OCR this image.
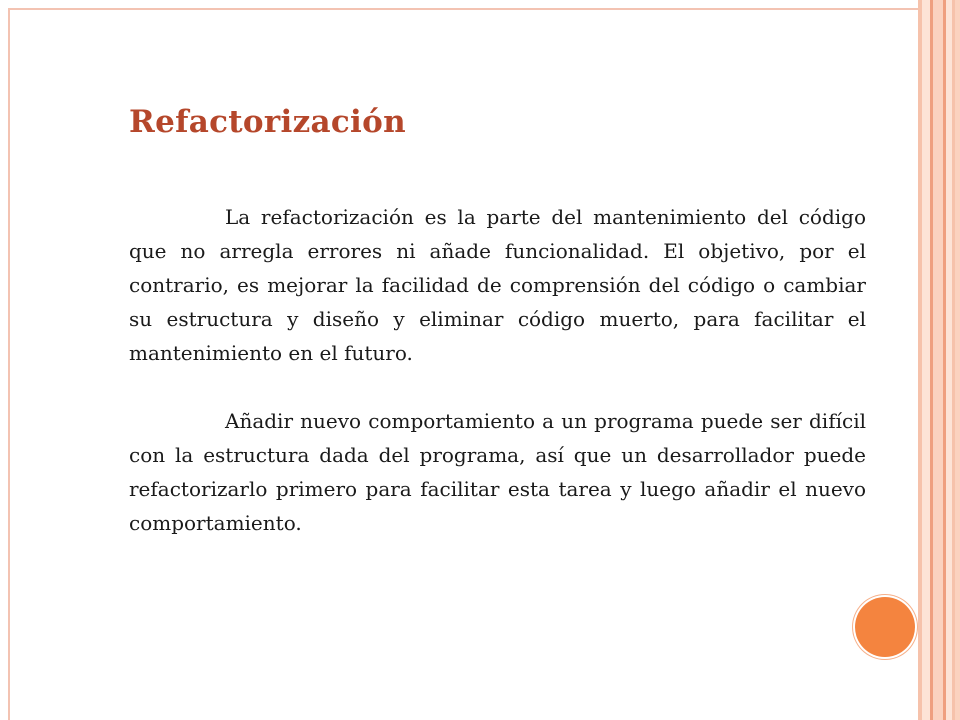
Refactorización

La refactorización es la parte del mantenimiento del código que no arregla errores ni añade funcionalidad. El objetivo, por el contrario, es mejorar la facilidad de comprensión del código o cambiar su estructura y diseño y eliminar código muerto, para facilitar el mantenimiento en el futuro.

Añadir nuevo comportamiento a un programa puede ser difícil con la estructura dada del programa, así que un desarrollador puede refactorizarlo primero para facilitar esta tarea y luego añadir el nuevo comportamiento.
